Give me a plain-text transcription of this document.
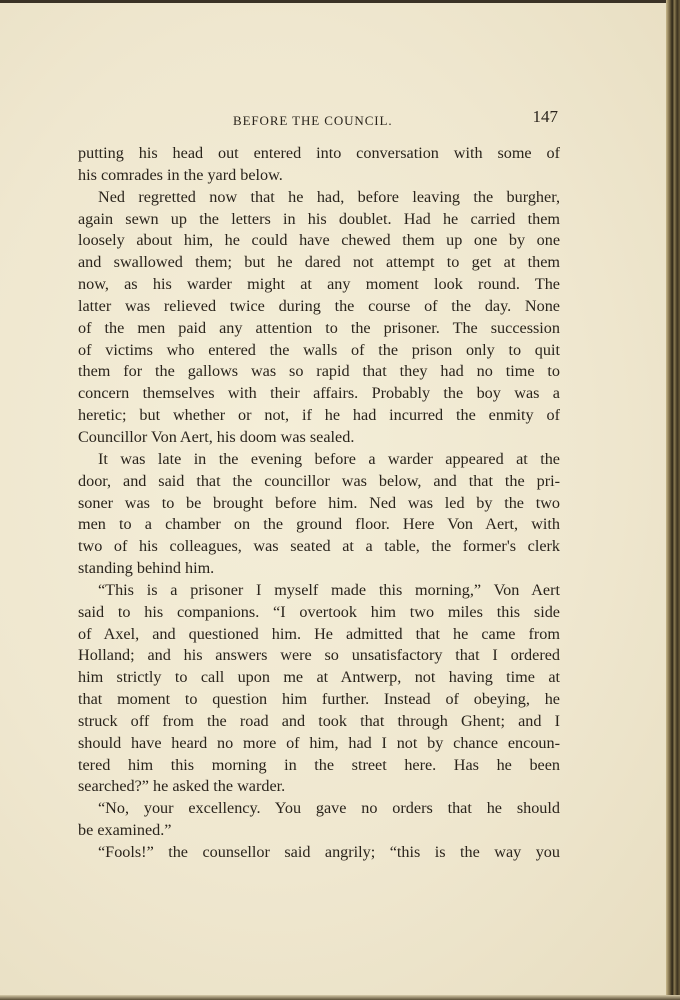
BEFORE THE COUNCIL.	147
putting his head out entered into conversation with some of
his comrades in the yard below.
Ned regretted now that he had, before leaving the burgher,
again sewn up the letters in his doublet. Had he carried them
loosely about him, he could have chewed them up one by one
and swallowed them; but he dared not attempt to get at them
now, as his warder might at any moment look round. The
latter was relieved twice during the course of the day. None
of the men paid any attention to the prisoner. The succession
of victims who entered the walls of the prison only to quit
them for the gallows was so rapid that they had no time to
concern themselves with their affairs. Probably the boy was a
heretic; but whether or not, if he had incurred the enmity of
Councillor Von Aert, his doom was sealed.
It was late in the evening before a warder appeared at the
door, and said that the councillor was below, and that the pri-
soner was to be brought before him. Ned was led by the two
men to a chamber on the ground floor. Here Von Aert, with
two of his colleagues, was seated at a table, the former's clerk
standing behind him.
“This is a prisoner I myself made this morning,” Von Aert
said to his companions. “I overtook him two miles this side
of Axel, and questioned him. He admitted that he came from
Holland; and his answers were so unsatisfactory that I ordered
him strictly to call upon me at Antwerp, not having time at
that moment to question him further. Instead of obeying, he
struck off from the road and took that through Ghent; and I
should have heard no more of him, had I not by chance encoun-
tered him this morning in the street here. Has he been
searched?” he asked the warder.
“No, your excellency. You gave no orders that he should
be examined.”
“Fools!” the counsellor said angrily; “this is the way you
